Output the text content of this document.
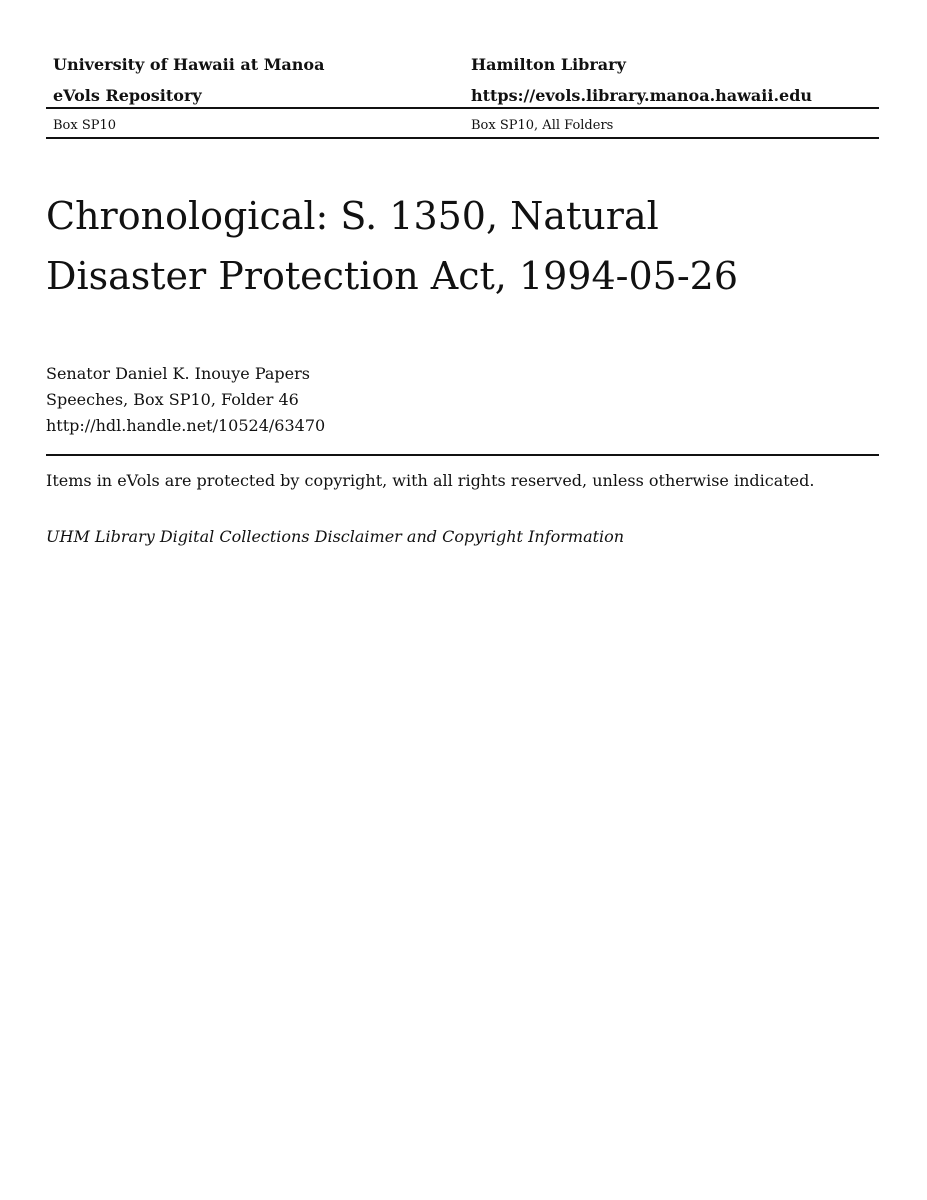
University of Hawaii at Manoa	Hamilton Library
eVols Repository	https://evols.library.manoa.hawaii.edu
Box SP10	Box SP10, All Folders
Chronological: S. 1350, Natural Disaster Protection Act, 1994-05-26
Senator Daniel K. Inouye Papers
Speeches, Box SP10, Folder 46
http://hdl.handle.net/10524/63470
Items in eVols are protected by copyright, with all rights reserved, unless otherwise indicated.
UHM Library Digital Collections Disclaimer and Copyright Information
